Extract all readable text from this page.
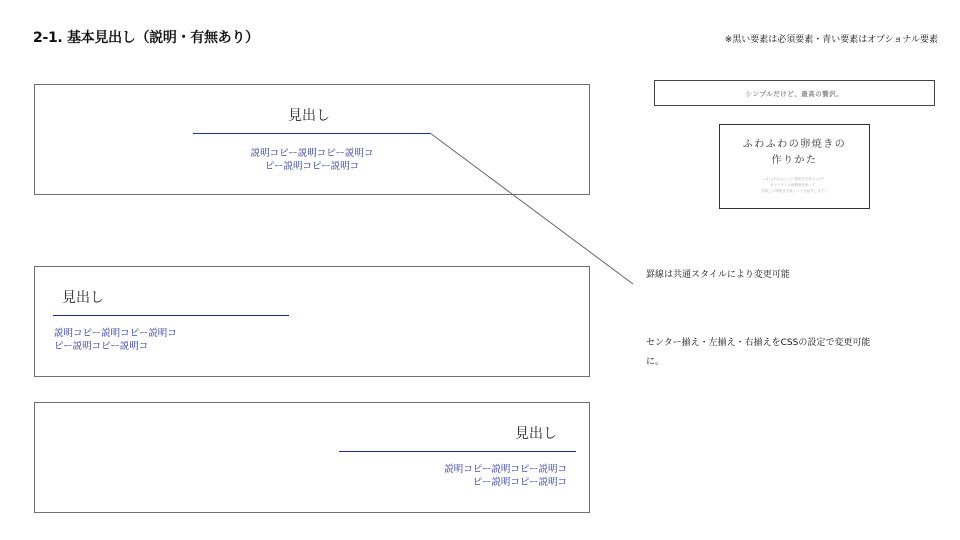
2-1. 基本見出し（説明・有無あり）	※黒い要素は必須要素・青い要素はオプショナル要素
見出し
説明コピー説明コピー説明コ
ピー説明コピー説明コ
見出し
説明コピー説明コピー説明コ
ピー説明コピー説明コ
見出し
説明コピー説明コピー説明コ
ピー説明コピー説明コ
シンプルだけど、最高の贅沢。
ふわふわの卵焼きの
作りかた
ふわふわのおいしい卵焼きを作るには？
タマゴヤンの研磨卵を使って、
美味しい卵焼きを焼くコツを紹介します！
罫線は共通スタイルにより変更可能
センター揃え・左揃え・右揃えをCSSの設定で変更可能に。
